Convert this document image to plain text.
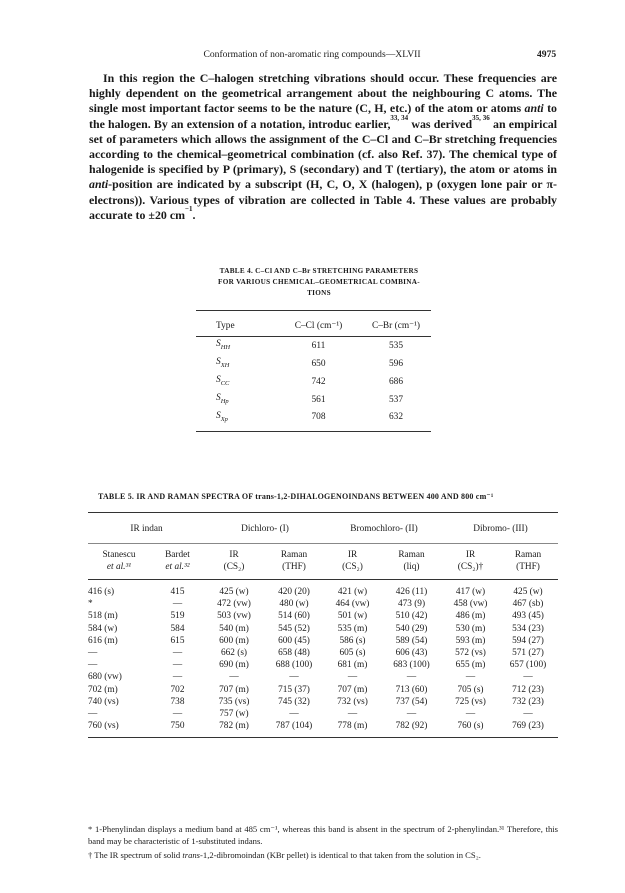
Conformation of non-aromatic ring compounds—XLVII	4975

In this region the C–halogen stretching vibrations should occur. These frequencies are highly dependent on the geometrical arrangement about the neighbouring C atoms. The single most important factor seems to be the nature (C, H, etc.) of the atom or atoms anti to the halogen. By an extension of a notation, introduc earlier,$^{33, 34}$ was derived$^{35, 36}$ an empirical set of parameters which allows the assignment of the C–Cl and C–Br stretching frequencies according to the chemical–geometrical combination (cf. also Ref. 37). The chemical type of halogenide is specified by P (primary), S (secondary) and T (tertiary), the atom or atoms in anti-position are indicated by a subscript (H, C, O, X (halogen), p (oxygen lone pair or π-electrons)). Various types of vibration are collected in Table 4. These values are probably accurate to ±20 $cm^{-1}$.

TABLE 4. C–Cl AND C–Br STRETCHING PARAMETERS
FOR VARIOUS CHEMICAL–GEOMETRICAL COMBINA-
TIONS
Type	C–Cl (cm⁻¹)	C–Br (cm⁻¹)
$S_{HH}$	611	535
$S_{XH}$	650	596
$S_{CC}$	742	686
$S_{Hp}$	561	537
$S_{Xp}$	708	632
TABLE 5. IR AND RAMAN SPECTRA OF trans-1,2-DIHALOGENOINDANS BETWEEN 400 AND 800 cm⁻¹
IR indan		Dichloro- (I)		Bromochloro- (II)		Dibromo- (III)	
Stanescu	Bardet	IR	Raman	IR	Raman	IR	Raman
et al.³¹	et al.³²	(CS₂)	(THF)	(CS₂)	(liq)	(CS₂)†	(THF)
416 (s)	415	425 (w)	420 (20)	421 (w)	426 (11)	417 (w)	425 (w)
*	—	472 (vw)	480 (w)	464 (vw)	473 (9)	458 (vw)	467 (sb)
518 (m)	519	503 (vw)	514 (60)	501 (w)	510 (42)	486 (m)	493 (45)
584 (w)	584	540 (m)	545 (52)	535 (m)	540 (29)	530 (m)	534 (23)
616 (m)	615	600 (m)	600 (45)	586 (s)	589 (54)	593 (m)	594 (27)
—	—	662 (s)	658 (48)	605 (s)	606 (43)	572 (vs)	571 (27)
—	—	690 (m)	688 (100)	681 (m)	683 (100)	655 (m)	657 (100)
680 (vw)	—	—	—	—	—	—	—
702 (m)	702	707 (m)	715 (37)	707 (m)	713 (60)	705 (s)	712 (23)
740 (vs)	738	735 (vs)	745 (32)	732 (vs)	737 (54)	725 (vs)	732 (23)
—	—	757 (w)	—	—	—	—	—
760 (vs)	750	782 (m)	787 (104)	778 (m)	782 (92)	760 (s)	769 (23)

* 1-Phenylindan displays a medium band at 485 cm⁻¹, whereas this band is absent in the spectrum of 2-phenylindan.³¹ Therefore, this band may be characteristic of 1-substituted indans.

† The IR spectrum of solid trans-1,2-dibromoindan (KBr pellet) is identical to that taken from the solution in CS₂.
